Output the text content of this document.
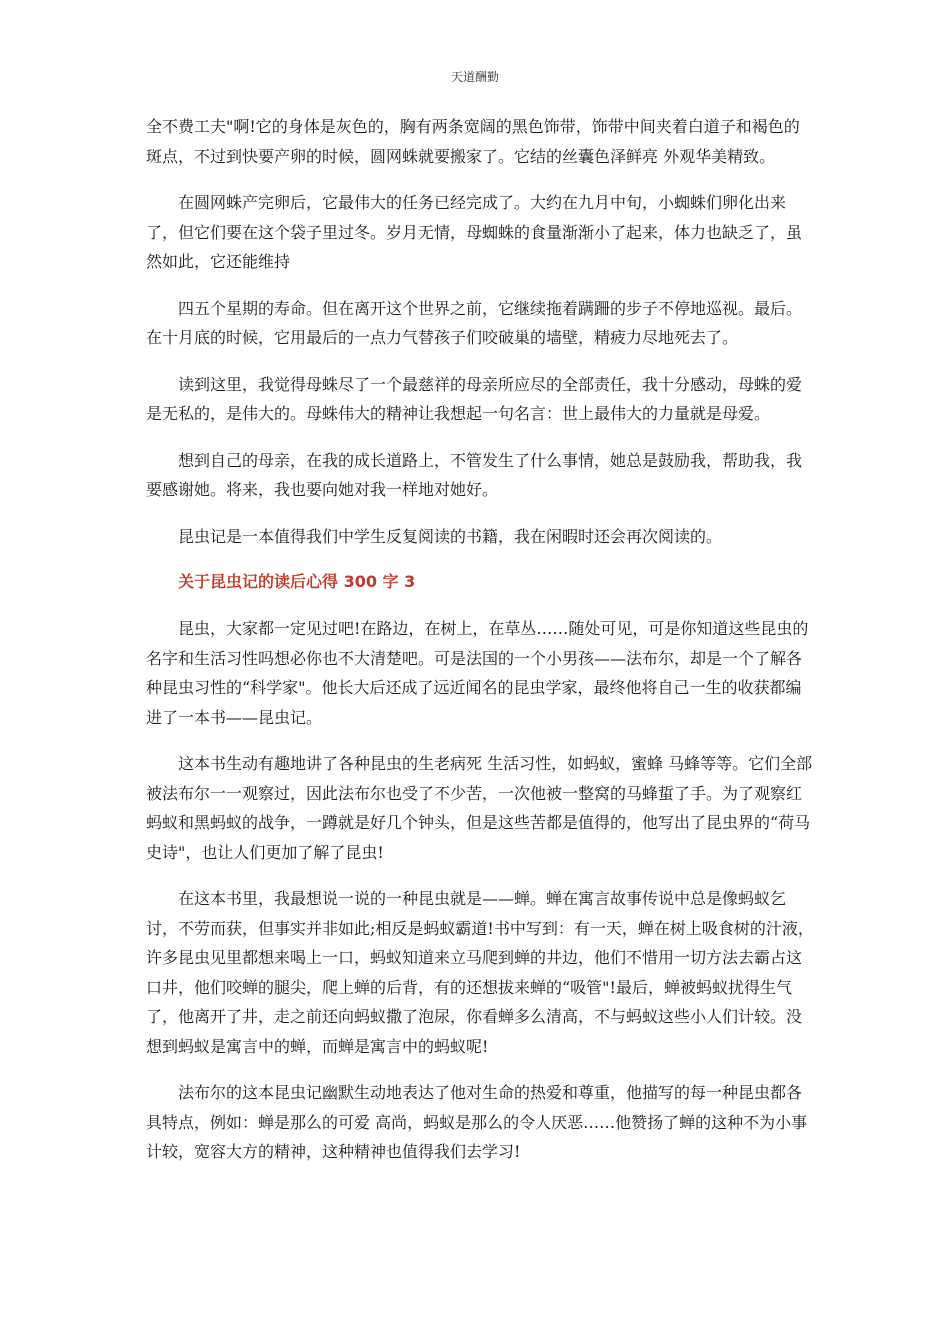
天道酬勤

全不费工夫"啊!它的身体是灰色的，胸有两条宽阔的黑色饰带，饰带中间夹着白道子和褐色的斑点，不过到快要产卵的时候，圆网蛛就要搬家了。它结的丝囊色泽鲜亮 外观华美精致。

在圆网蛛产完卵后，它最伟大的任务已经完成了。大约在九月中旬，小蜘蛛们卵化出来了，但它们要在这个袋子里过冬。岁月无情，母蜘蛛的食量渐渐小了起来，体力也缺乏了，虽然如此，它还能维持

四五个星期的寿命。但在离开这个世界之前，它继续拖着蹒跚的步子不停地巡视。最后。在十月底的时候，它用最后的一点力气替孩子们咬破巢的墙壁，精疲力尽地死去了。

读到这里，我觉得母蛛尽了一个最慈祥的母亲所应尽的全部责任，我十分感动，母蛛的爱是无私的，是伟大的。母蛛伟大的精神让我想起一句名言：世上最伟大的力量就是母爱。

想到自己的母亲，在我的成长道路上，不管发生了什么事情，她总是鼓励我，帮助我，我要感谢她。将来，我也要向她对我一样地对她好。

昆虫记是一本值得我们中学生反复阅读的书籍，我在闲暇时还会再次阅读的。

关于昆虫记的读后心得 300 字 3

昆虫，大家都一定见过吧!在路边，在树上，在草丛……随处可见，可是你知道这些昆虫的名字和生活习性吗想必你也不大清楚吧。可是法国的一个小男孩——法布尔，却是一个了解各种昆虫习性的“科学家"。他长大后还成了远近闻名的昆虫学家，最终他将自己一生的收获都编进了一本书——昆虫记。

这本书生动有趣地讲了各种昆虫的生老病死 生活习性，如蚂蚁，蜜蜂 马蜂等等。它们全部被法布尔一一观察过，因此法布尔也受了不少苦，一次他被一整窝的马蜂蜇了手。为了观察红蚂蚁和黑蚂蚁的战争，一蹲就是好几个钟头，但是这些苦都是值得的，他写出了昆虫界的“荷马史诗"，也让人们更加了解了昆虫!

在这本书里，我最想说一说的一种昆虫就是——蝉。蝉在寓言故事传说中总是像蚂蚁乞讨，不劳而获，但事实并非如此;相反是蚂蚁霸道!书中写到：有一天，蝉在树上吸食树的汁液，许多昆虫见里都想来喝上一口，蚂蚁知道来立马爬到蝉的井边，他们不惜用一切方法去霸占这口井，他们咬蝉的腿尖，爬上蝉的后背，有的还想拔来蝉的“吸管"!最后，蝉被蚂蚁扰得生气了，他离开了井，走之前还向蚂蚁撒了泡尿，你看蝉多么清高，不与蚂蚁这些小人们计较。没想到蚂蚁是寓言中的蝉，而蝉是寓言中的蚂蚁呢!

法布尔的这本昆虫记幽默生动地表达了他对生命的热爱和尊重，他描写的每一种昆虫都各具特点，例如：蝉是那么的可爱 高尚，蚂蚁是那么的令人厌恶……他赞扬了蝉的这种不为小事计较，宽容大方的精神，这种精神也值得我们去学习!
